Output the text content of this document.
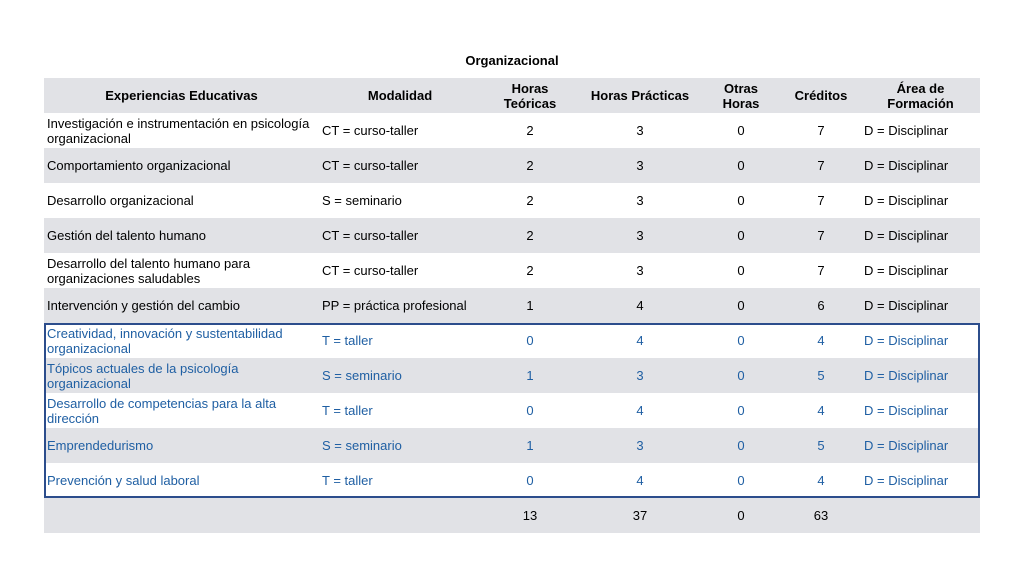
Organizacional
Experiencias Educativas	Modalidad	Horas Teóricas	Horas Prácticas	Otras Horas	Créditos	Área de Formación
Investigación e instrumentación en psicología organizacional	CT = curso-taller	2	3	0	7	D = Disciplinar
Comportamiento organizacional	CT = curso-taller	2	3	0	7	D = Disciplinar
Desarrollo organizacional	S = seminario	2	3	0	7	D = Disciplinar
Gestión del talento humano	CT = curso-taller	2	3	0	7	D = Disciplinar
Desarrollo del talento humano para organizaciones saludables	CT = curso-taller	2	3	0	7	D = Disciplinar
Intervención y gestión del cambio	PP = práctica profesional	1	4	0	6	D = Disciplinar
Creatividad, innovación y sustentabilidad organizacional	T = taller	0	4	0	4	D = Disciplinar
Tópicos actuales de la psicología organizacional	S = seminario	1	3	0	5	D = Disciplinar
Desarrollo de competencias para la alta dirección	T = taller	0	4	0	4	D = Disciplinar
Emprendedurismo	S = seminario	1	3	0	5	D = Disciplinar
Prevención y salud laboral	T = taller	0	4	0	4	D = Disciplinar
		13	37	0	63	
